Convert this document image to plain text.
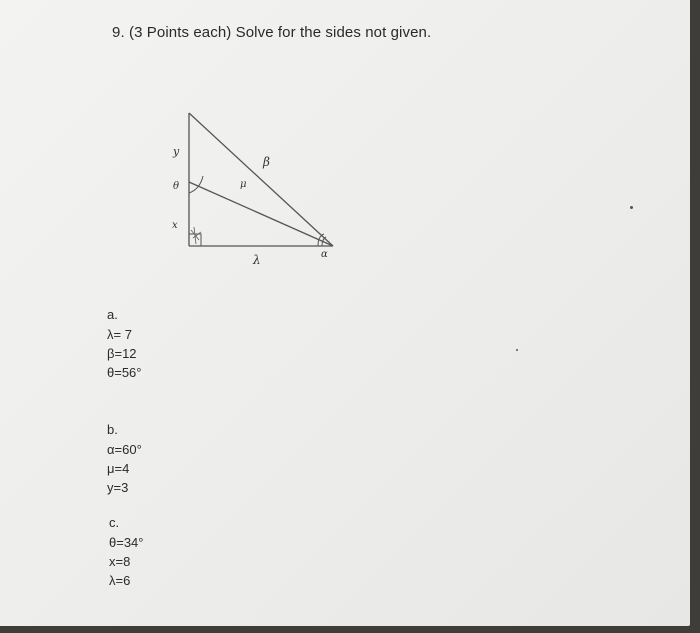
9. (3 Points each) Solve for the sides not given.
y
β
θ	μ
x
λ	α
a.
λ= 7
β=12
θ=56°
b.
α=60°
μ=4
y=3
c.
θ=34°
x=8
λ=6
